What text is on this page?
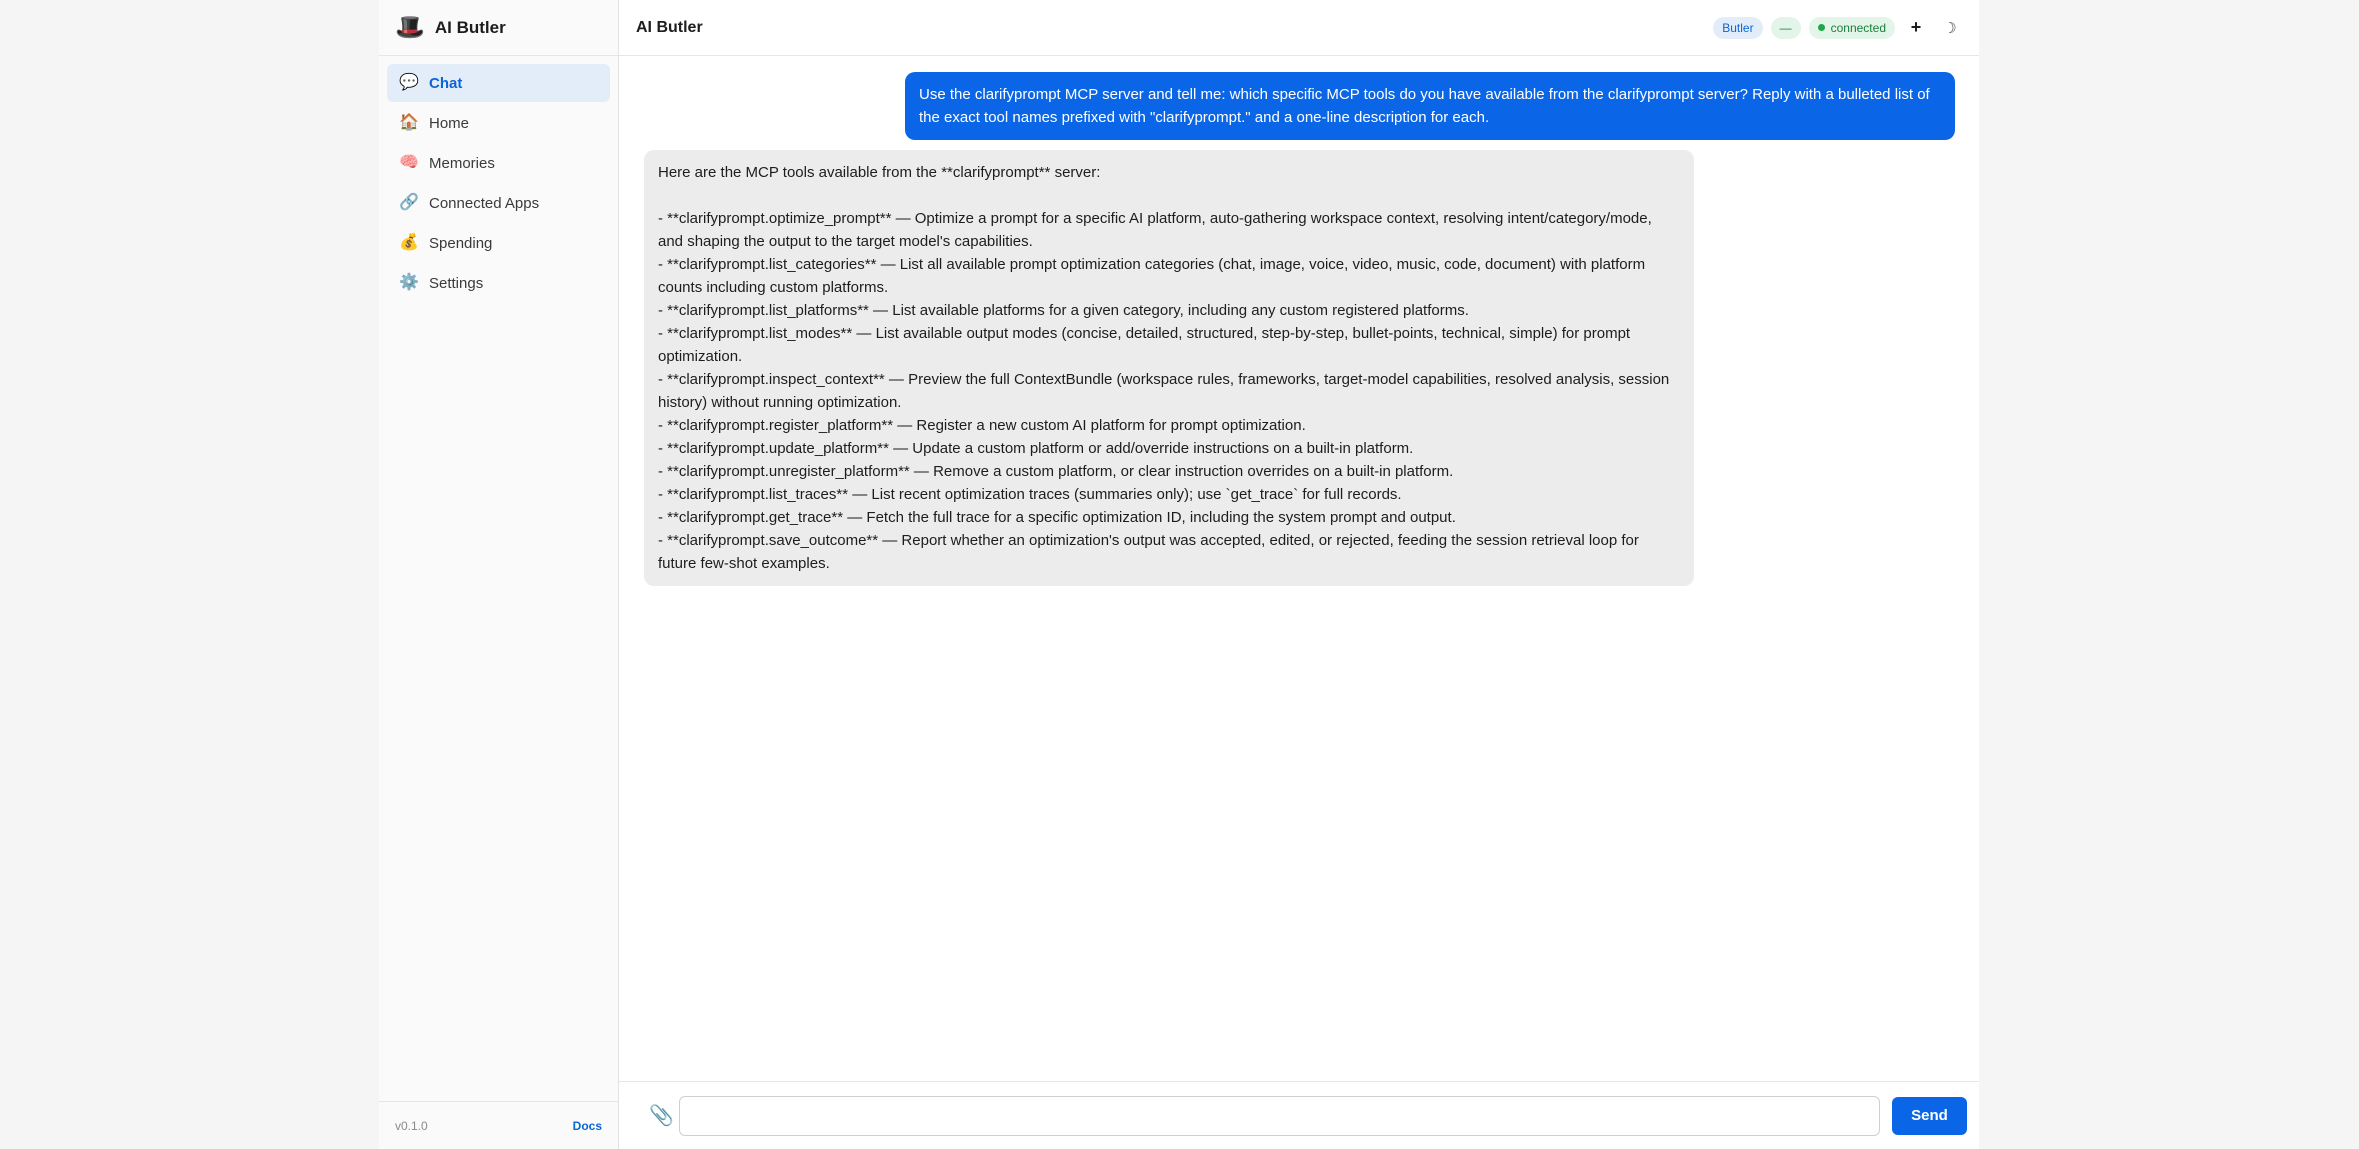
🎩 AI Butler
💬 Chat
🏠 Home
🧠 Memories
🔗 Connected Apps
💰 Spending
⚙️ Settings
v0.1.0	Docs
AI Butler	Butler	—	connected	+	☽
Use the clarifyprompt MCP server and tell me: which specific MCP tools do you have available from the clarifyprompt server? Reply with a bulleted list of the exact tool names prefixed with "clarifyprompt." and a one-line description for each.
Here are the MCP tools available from the **clarifyprompt** server:
- **clarifyprompt.optimize_prompt** — Optimize a prompt for a specific AI platform, auto-gathering workspace context, resolving intent/category/mode, and shaping the output to the target model's capabilities.
- **clarifyprompt.list_categories** — List all available prompt optimization categories (chat, image, voice, video, music, code, document) with platform counts including custom platforms.
- **clarifyprompt.list_platforms** — List available platforms for a given category, including any custom registered platforms.
- **clarifyprompt.list_modes** — List available output modes (concise, detailed, structured, step-by-step, bullet-points, technical, simple) for prompt optimization.
- **clarifyprompt.inspect_context** — Preview the full ContextBundle (workspace rules, frameworks, target-model capabilities, resolved analysis, session history) without running optimization.
- **clarifyprompt.register_platform** — Register a new custom AI platform for prompt optimization.
- **clarifyprompt.update_platform** — Update a custom platform or add/override instructions on a built-in platform.
- **clarifyprompt.unregister_platform** — Remove a custom platform, or clear instruction overrides on a built-in platform.
- **clarifyprompt.list_traces** — List recent optimization traces (summaries only); use `get_trace` for full records.
- **clarifyprompt.get_trace** — Fetch the full trace for a specific optimization ID, including the system prompt and output.
- **clarifyprompt.save_outcome** — Report whether an optimization's output was accepted, edited, or rejected, feeding the session retrieval loop for future few-shot examples.
📎	Send
